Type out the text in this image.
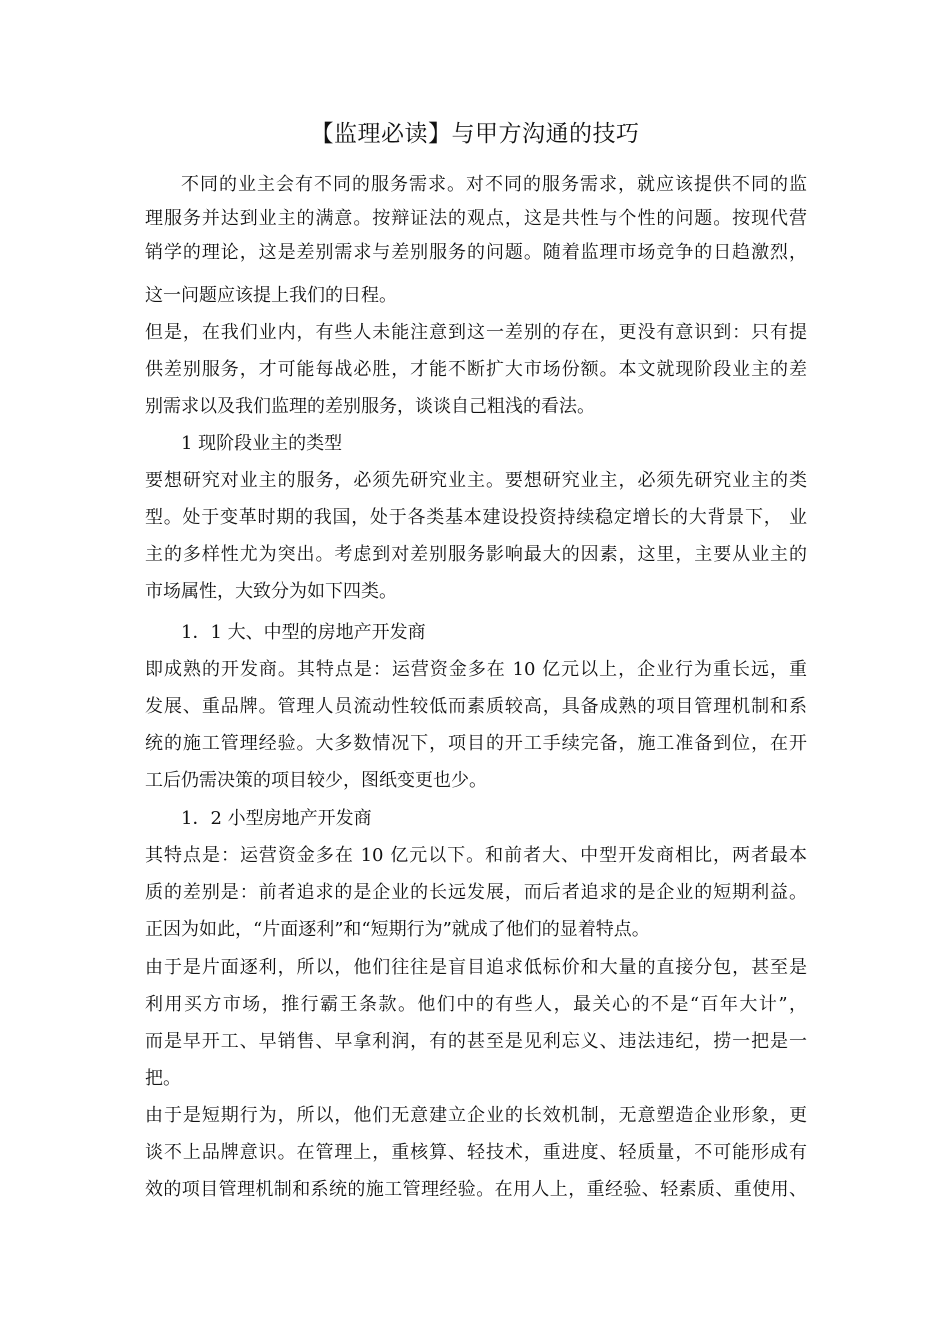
【监理必读】与甲方沟通的技巧
不同的业主会有不同的服务需求。对不同的服务需求，就应该提供不同的监
理服务并达到业主的满意。按辩证法的观点，这是共性与个性的问题。按现代营
销学的理论，这是差别需求与差别服务的问题。随着监理市场竞争的日趋激烈，
这一问题应该提上我们的日程。
但是，在我们业内，有些人未能注意到这一差别的存在，更没有意识到：只有提
供差别服务，才可能每战必胜，才能不断扩大市场份额。本文就现阶段业主的差
别需求以及我们监理的差别服务，谈谈自己粗浅的看法。
1 现阶段业主的类型
要想研究对业主的服务，必须先研究业主。要想研究业主，必须先研究业主的类
型。处于变革时期的我国，处于各类基本建设投资持续稳定增长的大背景下， 业
主的多样性尤为突出。考虑到对差别服务影响最大的因素，这里，主要从业主的
市场属性，大致分为如下四类。
1．1 大、中型的房地产开发商
即成熟的开发商。其特点是：运营资金多在 10 亿元以上，企业行为重长远，重
发展、重品牌。管理人员流动性较低而素质较高，具备成熟的项目管理机制和系
统的施工管理经验。大多数情况下，项目的开工手续完备，施工准备到位，在开
工后仍需决策的项目较少，图纸变更也少。
1．2 小型房地产开发商
其特点是：运营资金多在 10 亿元以下。和前者大、中型开发商相比，两者最本
质的差别是：前者追求的是企业的长远发展，而后者追求的是企业的短期利益。
正因为如此，“片面逐利”和“短期行为”就成了他们的显着特点。
由于是片面逐利，所以，他们往往是盲目追求低标价和大量的直接分包，甚至是
利用买方市场，推行霸王条款。他们中的有些人，最关心的不是“百年大计”，
而是早开工、早销售、早拿利润，有的甚至是见利忘义、违法违纪，捞一把是一
把。
由于是短期行为，所以，他们无意建立企业的长效机制，无意塑造企业形象，更
谈不上品牌意识。在管理上，重核算、轻技术，重进度、轻质量，不可能形成有
效的项目管理机制和系统的施工管理经验。在用人上，重经验、轻素质、重使用、
